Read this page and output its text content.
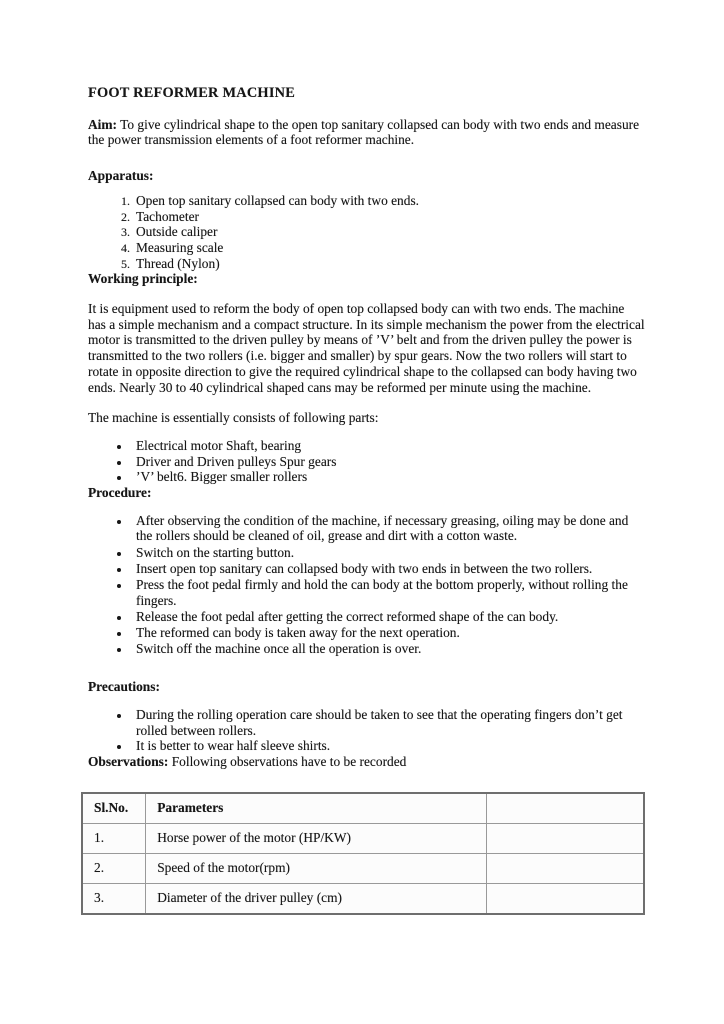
FOOT REFORMER MACHINE

Aim: To give cylindrical shape to the open top sanitary collapsed can body with two ends and measure the power transmission elements of a foot reformer machine.

Apparatus:

1. Open top sanitary collapsed can body with two ends.
2. Tachometer
3. Outside caliper
4. Measuring scale
5. Thread (Nylon)

Working principle:

It is equipment used to reform the body of open top collapsed body can with two ends. The machine has a simple mechanism and a compact structure. In its simple mechanism the power from the electrical motor is transmitted to the driven pulley by means of ’V’ belt and from the driven pulley the power is transmitted to the two rollers (i.e. bigger and smaller) by spur gears. Now the two rollers will start to rotate in opposite direction to give the required cylindrical shape to the collapsed can body having two ends. Nearly 30 to 40 cylindrical shaped cans may be reformed per minute using the machine.

The machine is essentially consists of following parts:

• Electrical motor Shaft, bearing
• Driver and Driven pulleys Spur gears
• ’V’ belt6. Bigger smaller rollers

Procedure:

• After observing the condition of the machine, if necessary greasing, oiling may be done and the rollers should be cleaned of oil, grease and dirt with a cotton waste.
• Switch on the starting button.
• Insert open top sanitary can collapsed body with two ends in between the two rollers.
• Press the foot pedal firmly and hold the can body at the bottom properly, without rolling the fingers.
• Release the foot pedal after getting the correct reformed shape of the can body.
• The reformed can body is taken away for the next operation.
• Switch off the machine once all the operation is over.

Precautions:

• During the rolling operation care should be taken to see that the operating fingers don’t get rolled between rollers.
• It is better to wear half sleeve shirts.

Observations: Following observations have to be recorded

Sl.No.	Parameters	
1.	Horse power of the motor (HP/KW)	
2.	Speed of the motor(rpm)	
3.	Diameter of the driver pulley (cm)	
